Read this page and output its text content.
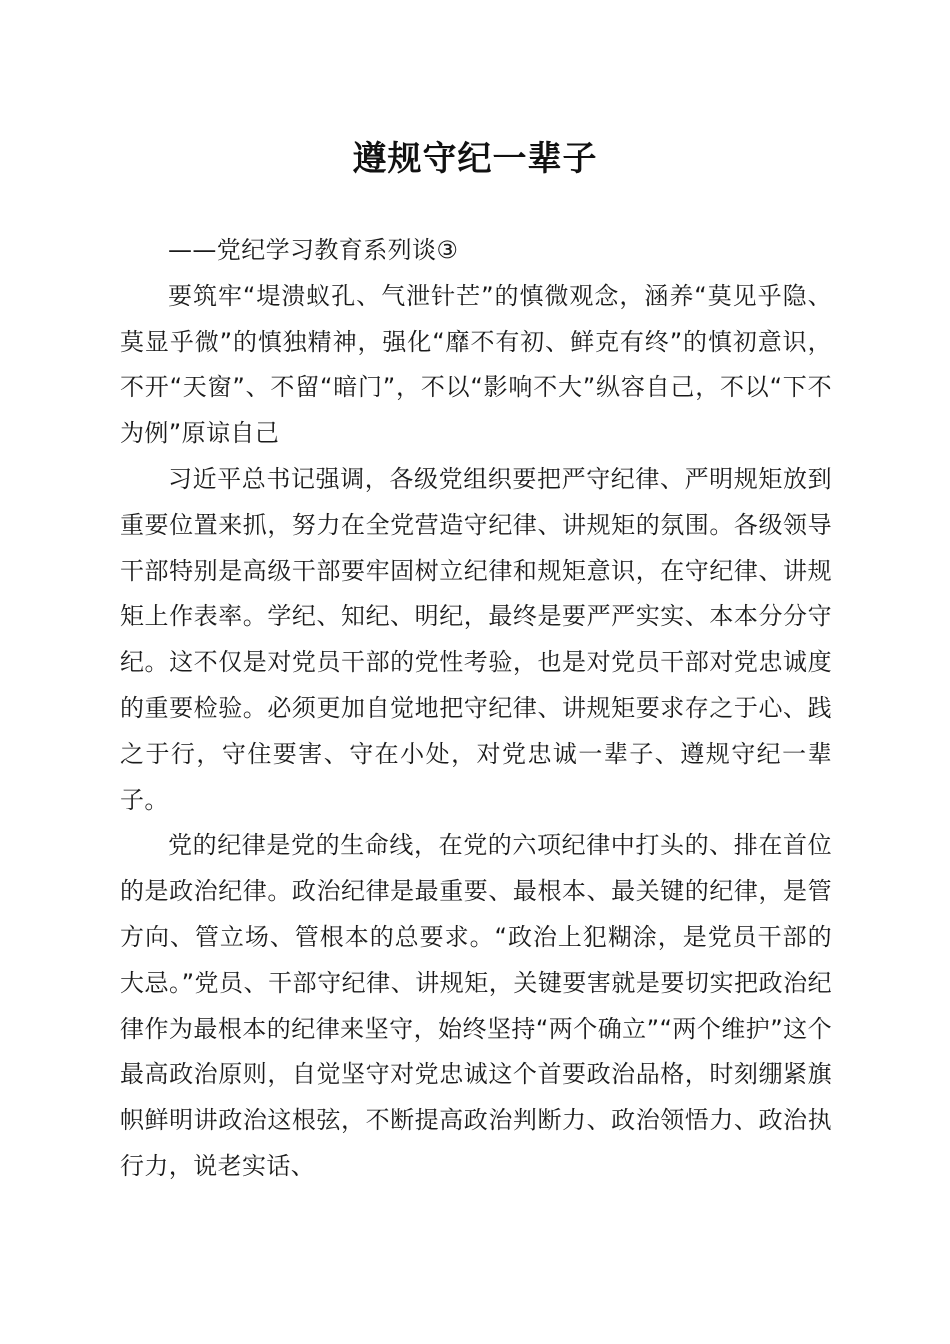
遵规守纪一辈子

——党纪学习教育系列谈③

要筑牢“堤溃蚁孔、气泄针芒”的慎微观念，涵养“莫见乎隐、莫显乎微”的慎独精神，强化“靡不有初、鲜克有终”的慎初意识，不开“天窗”、不留“暗门”，不以“影响不大”纵容自己，不以“下不为例”原谅自己

习近平总书记强调，各级党组织要把严守纪律、严明规矩放到重要位置来抓，努力在全党营造守纪律、讲规矩的氛围。各级领导干部特别是高级干部要牢固树立纪律和规矩意识，在守纪律、讲规矩上作表率。学纪、知纪、明纪，最终是要严严实实、本本分分守纪。这不仅是对党员干部的党性考验，也是对党员干部对党忠诚度的重要检验。必须更加自觉地把守纪律、讲规矩要求存之于心、践之于行，守住要害、守在小处，对党忠诚一辈子、遵规守纪一辈子。

党的纪律是党的生命线，在党的六项纪律中打头的、排在首位的是政治纪律。政治纪律是最重要、最根本、最关键的纪律，是管方向、管立场、管根本的总要求。“政治上犯糊涂，是党员干部的大忌。”党员、干部守纪律、讲规矩，关键要害就是要切实把政治纪律作为最根本的纪律来坚守，始终坚持“两个确立”“两个维护”这个最高政治原则，自觉坚守对党忠诚这个首要政治品格，时刻绷紧旗帜鲜明讲政治这根弦，不断提高政治判断力、政治领悟力、政治执行力，说老实话、
